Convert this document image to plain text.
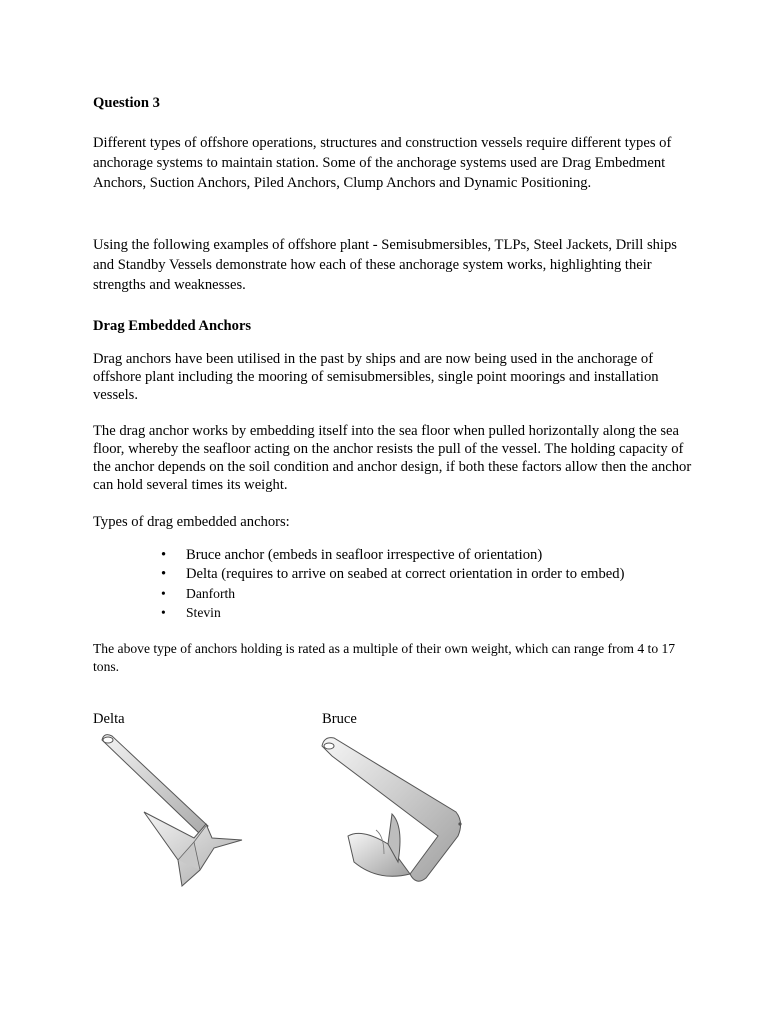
Question 3

Different types of offshore operations, structures and construction vessels require different types of anchorage systems to maintain station. Some of the anchorage systems used are Drag Embedment Anchors, Suction Anchors, Piled Anchors, Clump Anchors and Dynamic Positioning.

Using the following examples of offshore plant - Semisubmersibles, TLPs, Steel Jackets, Drill ships and Standby Vessels demonstrate how each of these anchorage system works, highlighting their strengths and weaknesses.

Drag Embedded Anchors

Drag anchors have been utilised in the past by ships and are now being used in the anchorage of offshore plant including the mooring of semisubmersibles, single point moorings and installation vessels.

The drag anchor works by embedding itself into the sea floor when pulled horizontally along the sea floor, whereby the seafloor acting on the anchor resists the pull of the vessel. The holding capacity of the anchor depends on the soil condition and anchor design, if both these factors allow then the anchor can hold several times its weight.

Types of drag embedded anchors:

• Bruce anchor (embeds in seafloor irrespective of orientation)
• Delta (requires to arrive on seabed at correct orientation in order to embed)
• Danforth
• Stevin

The above type of anchors holding is rated as a multiple of their own weight, which can range from 4 to 17 tons.

Delta	Bruce
